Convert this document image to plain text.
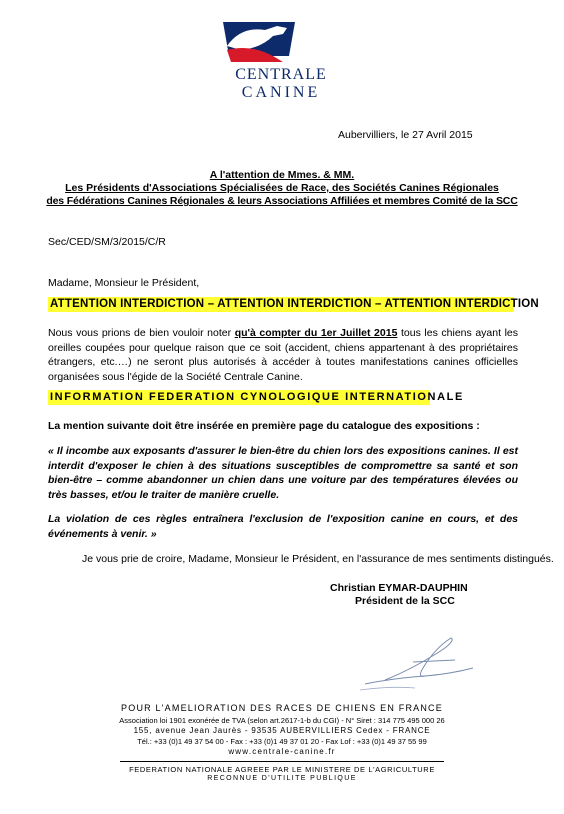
CENTRALE
CANINE
Aubervilliers, le 27 Avril 2015
A l'attention de Mmes. & MM.
Les Présidents d'Associations Spécialisées de Race, des Sociétés Canines Régionales
des Fédérations Canines Régionales & leurs Associations Affiliées et membres Comité de la SCC
Sec/CED/SM/3/2015/C/R
Madame, Monsieur le Président,
ATTENTION INTERDICTION – ATTENTION INTERDICTION – ATTENTION INTERDICTION
Nous vous prions de bien vouloir noter qu'à compter du 1er Juillet 2015 tous les chiens ayant les oreilles coupées pour quelque raison que ce soit (accident, chiens appartenant à des propriétaires étrangers, etc.…) ne seront plus autorisés à accéder à toutes manifestations canines officielles organisées sous l'égide de la Société Centrale Canine.
INFORMATION FEDERATION CYNOLOGIQUE INTERNATIONALE
La mention suivante doit être insérée en première page du catalogue des expositions :
« Il incombe aux exposants d'assurer le bien-être du chien lors des expositions canines. Il est interdit d'exposer le chien à des situations susceptibles de compromettre sa santé et son bien-être – comme abandonner un chien dans une voiture par des températures élevées ou très basses, et/ou le traiter de manière cruelle.
La violation de ces règles entraînera l'exclusion de l'exposition canine en cours, et des événements à venir. »
Je vous prie de croire, Madame, Monsieur le Président, en l'assurance de mes sentiments distingués.
Christian EYMAR-DAUPHIN
Président de la SCC
POUR L'AMELIORATION DES RACES DE CHIENS EN FRANCE
Association loi 1901 exonérée de TVA (selon art.2617-1-b du CGI) - N° Siret : 314 775 495 000 26
155, avenue Jean Jaurès - 93535 AUBERVILLIERS Cedex - FRANCE
Tél.: +33 (0)1 49 37 54 00 - Fax : +33 (0)1 49 37 01 20 - Fax Lof : +33 (0)1 49 37 55 99
www.centrale-canine.fr
FEDERATION NATIONALE AGREEE PAR LE MINISTERE DE L'AGRICULTURE
RECONNUE D'UTILITE PUBLIQUE
